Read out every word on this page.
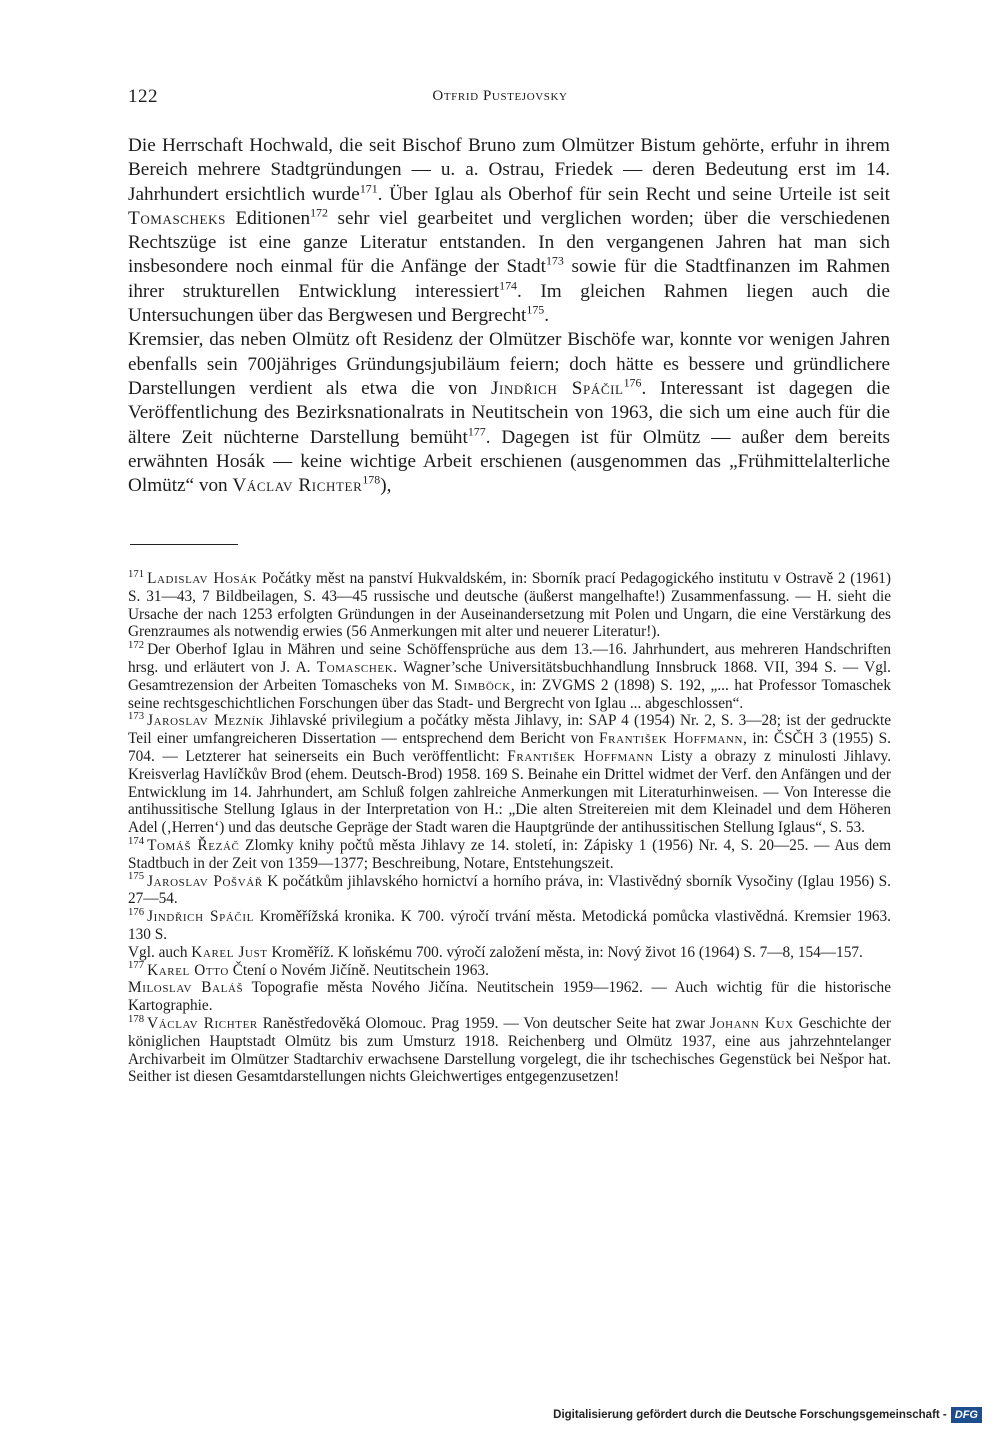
122	Otfrid Pustejovsky

Die Herrschaft Hochwald, die seit Bischof Bruno zum Olmützer Bistum gehörte, erfuhr in ihrem Bereich mehrere Stadtgründungen — u. a. Ostrau, Friedek — deren Bedeutung erst im 14. Jahrhundert ersichtlich wurde$^{171}$. Über Iglau als Oberhof für sein Recht und seine Urteile ist seit Tomascheks Editionen$^{172}$ sehr viel gearbeitet und verglichen worden; über die verschiedenen Rechtszüge ist eine ganze Literatur entstanden. In den vergangenen Jahren hat man sich insbesondere noch einmal für die Anfänge der Stadt$^{173}$ sowie für die Stadtfinanzen im Rahmen ihrer strukturellen Entwicklung interessiert$^{174}$. Im gleichen Rahmen liegen auch die Untersuchungen über das Bergwesen und Bergrecht$^{175}$.

Kremsier, das neben Olmütz oft Residenz der Olmützer Bischöfe war, konnte vor wenigen Jahren ebenfalls sein 700jähriges Gründungsjubiläum feiern; doch hätte es bessere und gründlichere Darstellungen verdient als etwa die von Jindřich Spáčil$^{176}$. Interessant ist dagegen die Veröffentlichung des Bezirksnationalrats in Neutitschein von 1963, die sich um eine auch für die ältere Zeit nüchterne Darstellung bemüht$^{177}$. Dagegen ist für Olmütz — außer dem bereits erwähnten Hosák — keine wichtige Arbeit erschienen (ausgenommen das „Frühmittelalterliche Olmütz“ von Václav Richter$^{178}$),

$^{171}$ Ladislav Hosák Počátky měst na panství Hukvaldském, in: Sborník prací Pedagogického institutu v Ostravě 2 (1961) S. 31—43, 7 Bildbeilagen, S. 43—45 russische und deutsche (äußerst mangelhafte!) Zusammenfassung. — H. sieht die Ursache der nach 1253 erfolgten Gründungen in der Auseinandersetzung mit Polen und Ungarn, die eine Verstärkung des Grenzraumes als notwendig erwies (56 Anmerkungen mit alter und neuerer Literatur!).

$^{172}$ Der Oberhof Iglau in Mähren und seine Schöffensprüche aus dem 13.—16. Jahrhundert, aus mehreren Handschriften hrsg. und erläutert von J. A. Tomaschek. Wagner’sche Universitätsbuchhandlung Innsbruck 1868. VII, 394 S. — Vgl. Gesamtrezension der Arbeiten Tomascheks von M. Simböck, in: ZVGMS 2 (1898) S. 192, „... hat Professor Tomaschek seine rechtsgeschichtlichen Forschungen über das Stadt- und Bergrecht von Iglau ... abgeschlossen“.

$^{173}$ Jaroslav Mezník Jihlavské privilegium a počátky města Jihlavy, in: SAP 4 (1954) Nr. 2, S. 3—28; ist der gedruckte Teil einer umfangreicheren Dissertation — entsprechend dem Bericht von František Hoffmann, in: ČSČH 3 (1955) S. 704. — Letzterer hat seinerseits ein Buch veröffentlicht: František Hoffmann Listy a obrazy z minulosti Jihlavy. Kreisverlag Havlíčkův Brod (ehem. Deutsch-Brod) 1958. 169 S. Beinahe ein Drittel widmet der Verf. den Anfängen und der Entwicklung im 14. Jahrhundert, am Schluß folgen zahlreiche Anmerkungen mit Literaturhinweisen. — Von Interesse die antihussitische Stellung Iglaus in der Interpretation von H.: „Die alten Streitereien mit dem Kleinadel und dem Höheren Adel (‚Herren‘) und das deutsche Gepräge der Stadt waren die Hauptgründe der antihussitischen Stellung Iglaus“, S. 53.

$^{174}$ Tomáš Řezáč Zlomky knihy počtů města Jihlavy ze 14. století, in: Zápisky 1 (1956) Nr. 4, S. 20—25. — Aus dem Stadtbuch in der Zeit von 1359—1377; Beschreibung, Notare, Entstehungszeit.

$^{175}$ Jaroslav Pošvář K počátkům jihlavského hornictví a horního práva, in: Vlastivědný sborník Vysočiny (Iglau 1956) S. 27—54.

$^{176}$ Jindřich Spáčil Kroměřížská kronika. K 700. výročí trvání města. Metodická pomůcka vlastivědná. Kremsier 1963. 130 S.

Vgl. auch Karel Just Kroměříž. K loňskému 700. výročí založení města, in: Nový život 16 (1964) S. 7—8, 154—157.

$^{177}$ Karel Otto Čtení o Novém Jičíně. Neutitschein 1963.

Miloslav Baláš Topografie města Nového Jičína. Neutitschein 1959—1962. — Auch wichtig für die historische Kartographie.

$^{178}$ Václav Richter Raněstředověká Olomouc. Prag 1959. — Von deutscher Seite hat zwar Johann Kux Geschichte der königlichen Hauptstadt Olmütz bis zum Umsturz 1918. Reichenberg und Olmütz 1937, eine aus jahrzehntelanger Archivarbeit im Olmützer Stadtarchiv erwachsene Darstellung vorgelegt, die ihr tschechisches Gegenstück bei Nešpor hat. Seither ist diesen Gesamtdarstellungen nichts Gleichwertiges entgegenzusetzen!

Digitalisierung gefördert durch die Deutsche Forschungsgemeinschaft - DFG
